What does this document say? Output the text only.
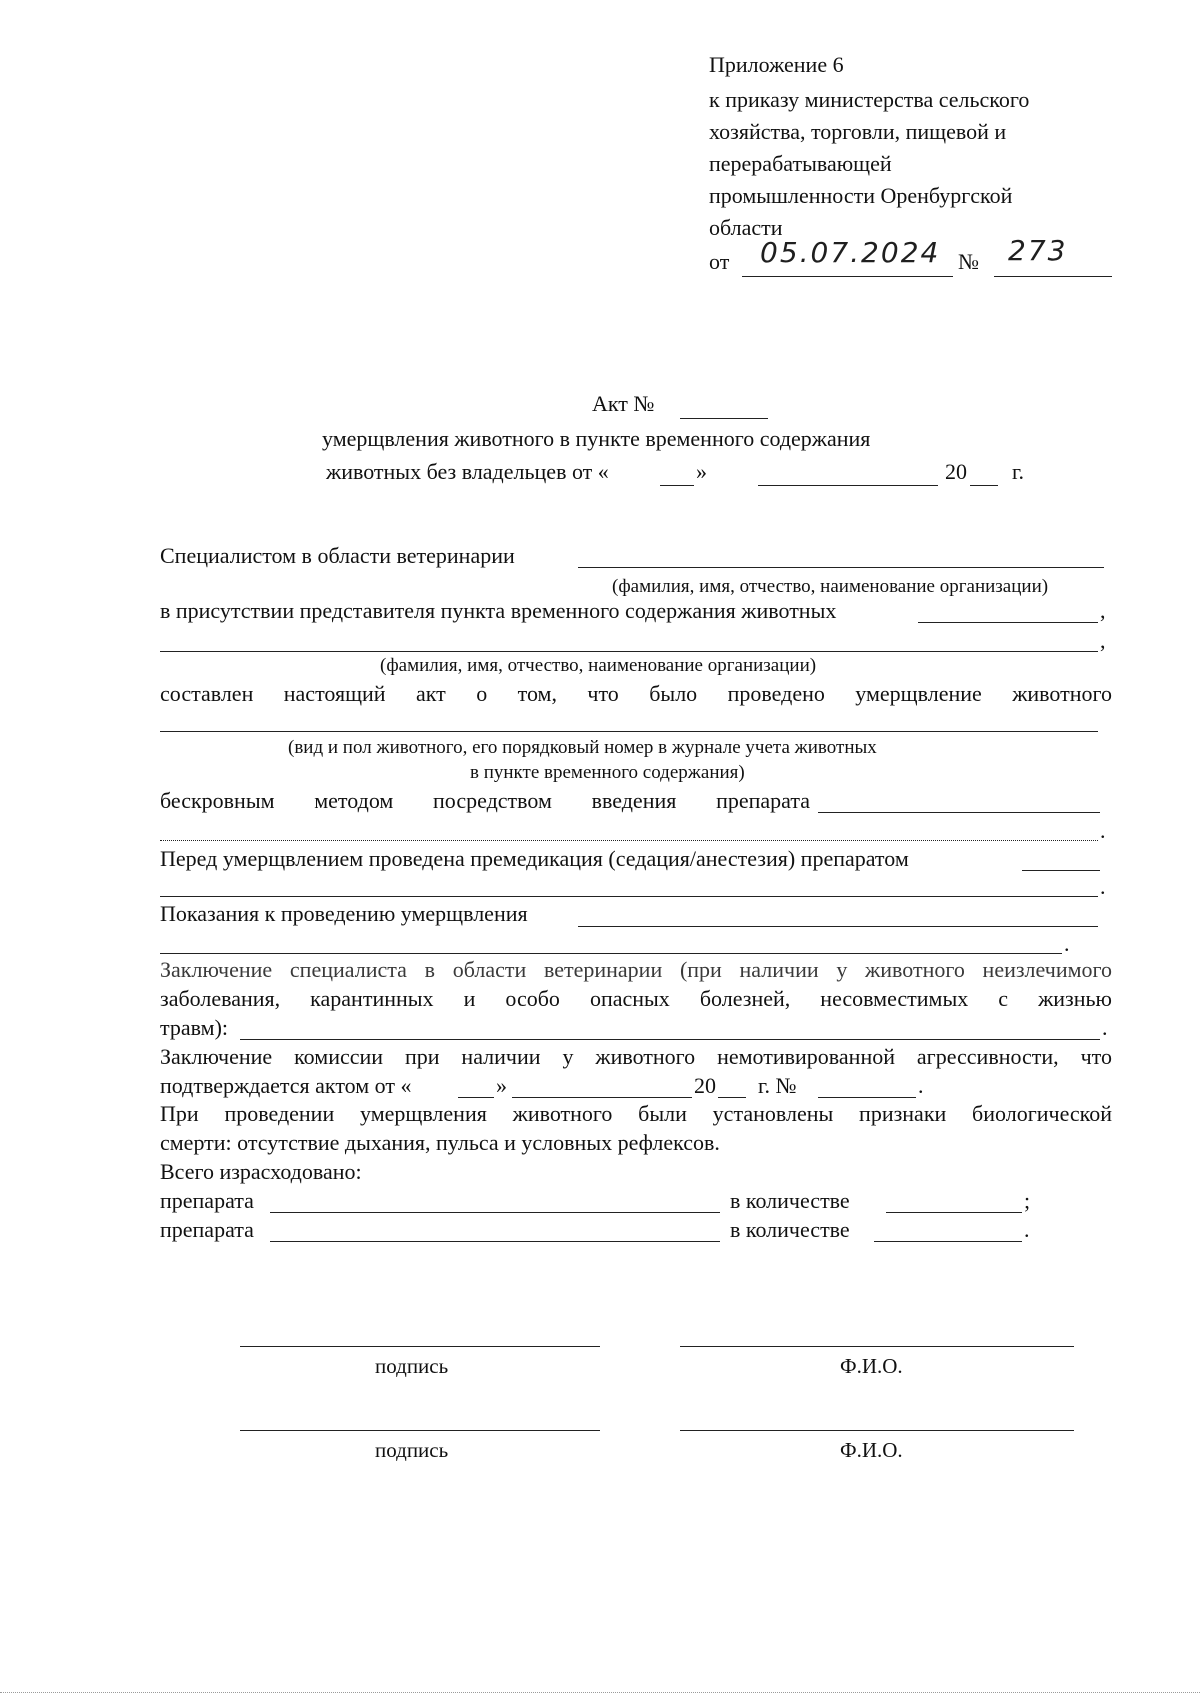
Приложение 6
к приказу министерства сельского
хозяйства, торговли, пищевой и
перерабатывающей
промышленности Оренбургской
области
от 05.07.2024 № 273
Акт №
умерщвления животного в пункте временного содержания
животных без владельцев от «	»	20 г.
Специалистом в области ветеринарии
(фамилия, имя, отчество, наименование организации)
в присутствии представителя пункта временного содержания животных	,
,
(фамилия, имя, отчество, наименование организации)
составлен настоящий акт о том, что было проведено умерщвление животного
(вид и пол животного, его порядковый номер в журнале учета животных
в пункте временного содержания)
бескровным методом посредством введения препарата
.
Перед умерщвлением проведена премедикация (седация/анестезия) препаратом
.
Показания к проведению умерщвления
.
Заключение специалиста в области ветеринарии (при наличии у животного неизлечимого
заболевания, карантинных и особо опасных болезней, несовместимых с жизнью
травм):	.
Заключение комиссии при наличии у животного немотивированной агрессивности, что
подтверждается актом от «	»	20 г. №	.
При проведении умерщвления животного были установлены признаки биологической
смерти: отсутствие дыхания, пульса и условных рефлексов.
Всего израсходовано:
препарата	в количестве	;
препарата	в количестве	.
подпись	Ф.И.О.
подпись	Ф.И.О.
